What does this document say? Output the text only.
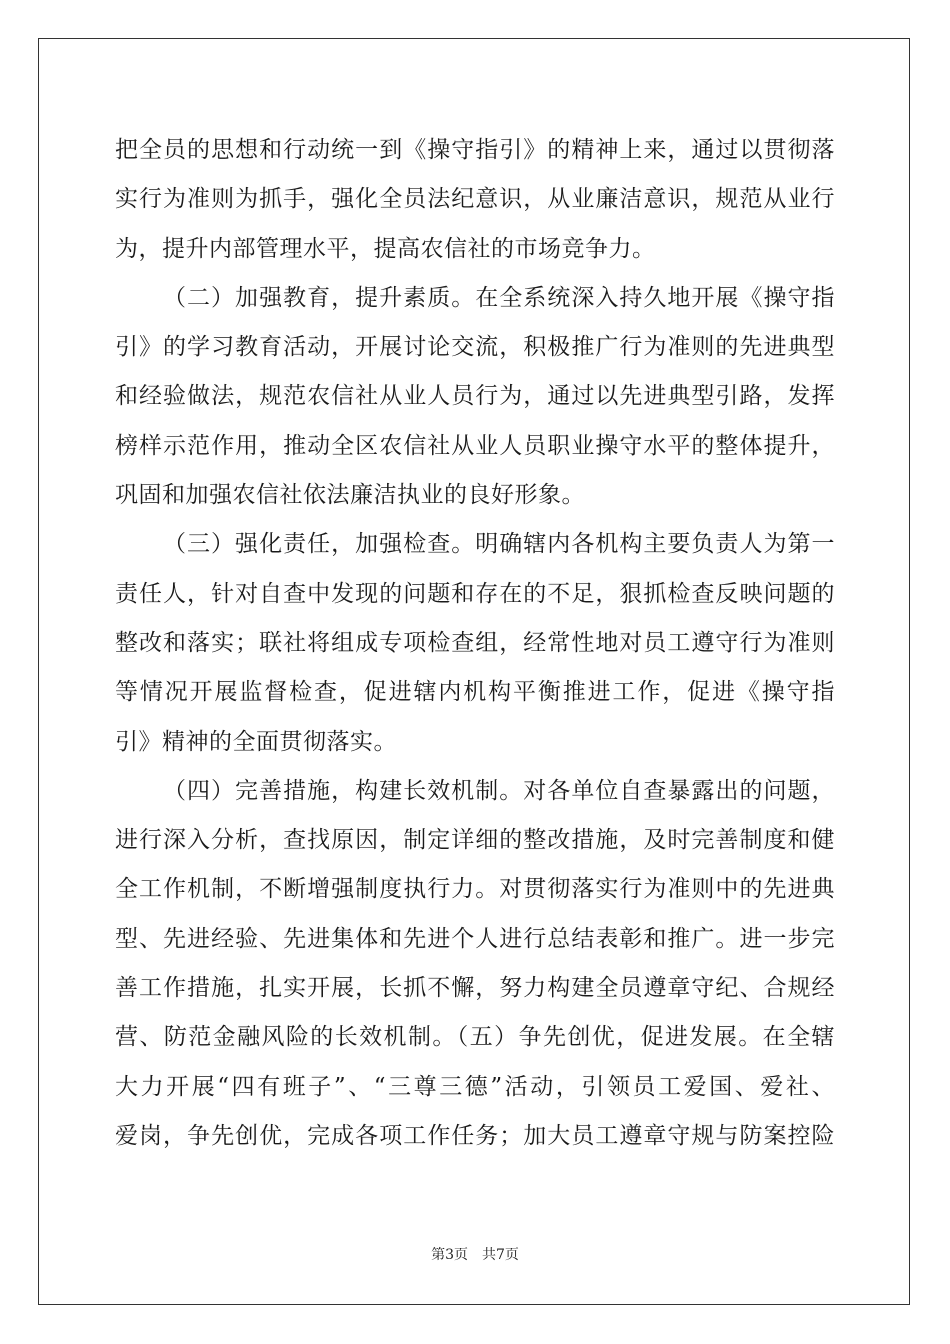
把全员的思想和行动统一到《操守指引》的精神上来，通过以贯彻落
实行为准则为抓手，强化全员法纪意识，从业廉洁意识，规范从业行
为，提升内部管理水平，提高农信社的市场竞争力。
（二）加强教育，提升素质。在全系统深入持久地开展《操守指
引》的学习教育活动，开展讨论交流，积极推广行为准则的先进典型
和经验做法，规范农信社从业人员行为，通过以先进典型引路，发挥
榜样示范作用，推动全区农信社从业人员职业操守水平的整体提升，
巩固和加强农信社依法廉洁执业的良好形象。
（三）强化责任，加强检查。明确辖内各机构主要负责人为第一
责任人，针对自查中发现的问题和存在的不足，狠抓检查反映问题的
整改和落实；联社将组成专项检查组，经常性地对员工遵守行为准则
等情况开展监督检查，促进辖内机构平衡推进工作，促进《操守指
引》精神的全面贯彻落实。
（四）完善措施，构建长效机制。对各单位自查暴露出的问题，
进行深入分析，查找原因，制定详细的整改措施，及时完善制度和健
全工作机制，不断增强制度执行力。对贯彻落实行为准则中的先进典
型、先进经验、先进集体和先进个人进行总结表彰和推广。进一步完
善工作措施，扎实开展，长抓不懈，努力构建全员遵章守纪、合规经
营、防范金融风险的长效机制。（五）争先创优，促进发展。在全辖
大力开展“四有班子”、“三尊三德”活动，引领员工爱国、爱社、
爱岗，争先创优，完成各项工作任务；加大员工遵章守规与防案控险
第3页 共7页
